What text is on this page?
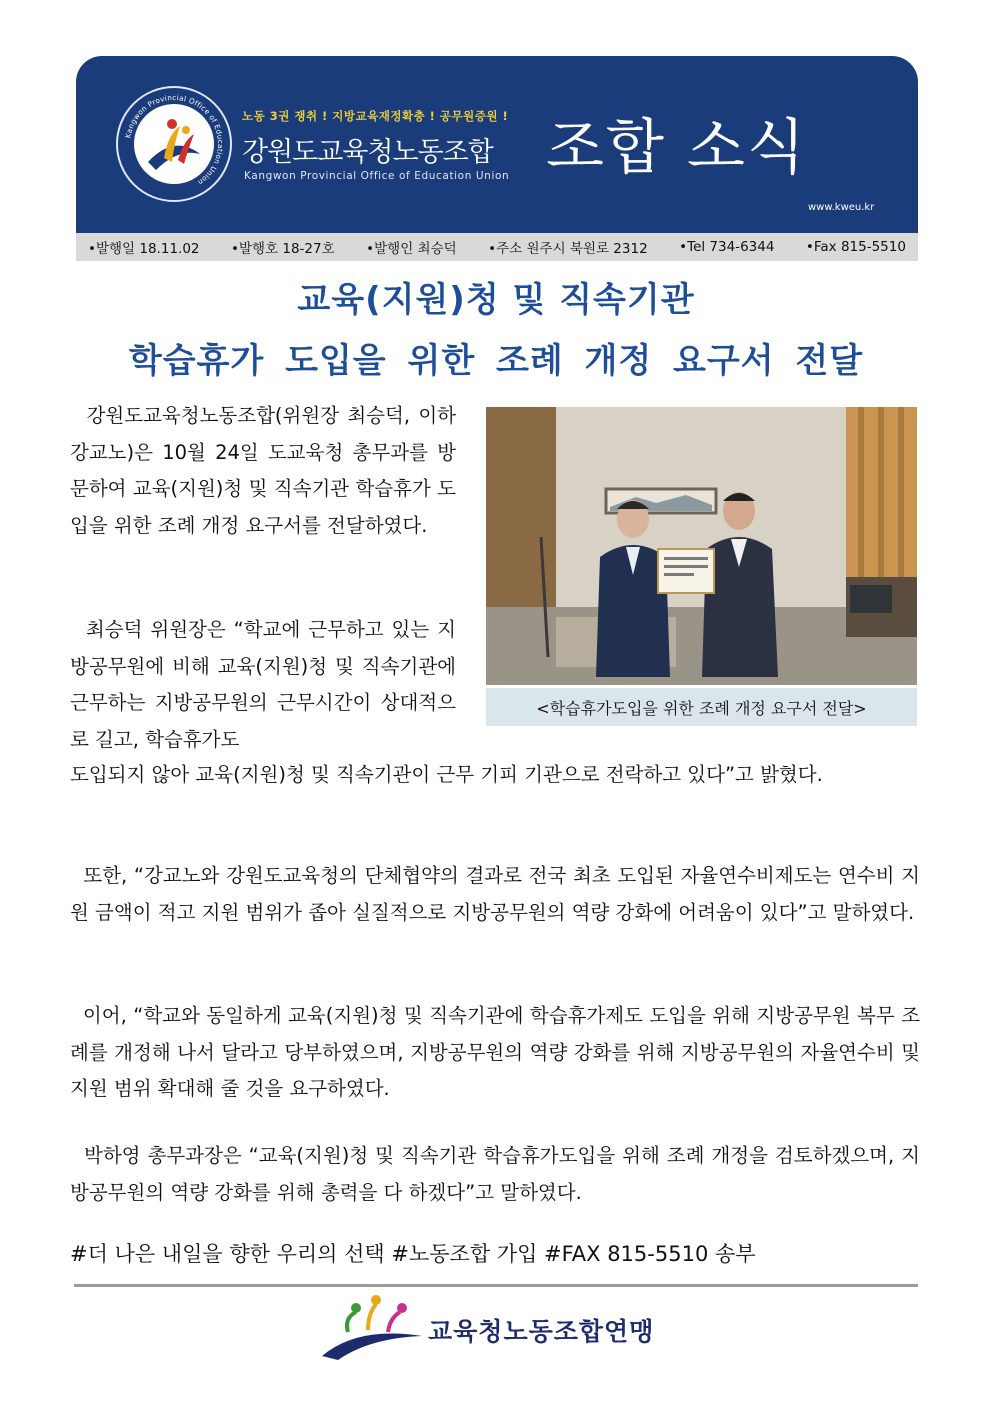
Kangwon Provincial Office of Education Union
노동 3권 쟁취 ! 지방교육재정확충 ! 공무원증원 !
강원도교육청노동조합
Kangwon Provincial Office of Education Union 조합 소식
www.kweu.kr
• 발행일 18.11.02	• 발행호 18-27호	• 발행인 최승덕	• 주소 원주시 북원로 2312	• Tel 734-6344	• Fax 815-5510
교육(지원)청 및 직속기관
학습휴가 도입을 위한 조례 개정 요구서 전달
<학습휴가도입을 위한 조례 개정 요구서 전달>

강원도교육청노동조합(위원장 최승덕, 이하 강교노)은 10월 24일 도교육청 총무과를 방문하여 교육(지원)청 및 직속기관 학습휴가 도입을 위한 조례 개정 요구서를 전달하였다.

최승덕 위원장은 “학교에 근무하고 있는 지방공무원에 비해 교육(지원)청 및 직속기관에 근무하는 지방공무원의 근무시간이 상대적으로 길고, 학습휴가도

도입되지 않아 교육(지원)청 및 직속기관이 근무 기피 기관으로 전락하고 있다”고 밝혔다.

또한, “강교노와 강원도교육청의 단체협약의 결과로 전국 최초 도입된 자율연수비제도는 연수비 지원 금액이 적고 지원 범위가 좁아 실질적으로 지방공무원의 역량 강화에 어려움이 있다”고 말하였다.

이어, “학교와 동일하게 교육(지원)청 및 직속기관에 학습휴가제도 도입을 위해 지방공무원 복무 조례를 개정해 나서 달라고 당부하였으며, 지방공무원의 역량 강화를 위해 지방공무원의 자율연수비 및 지원 범위 확대해 줄 것을 요구하였다.

박하영 총무과장은 “교육(지원)청 및 직속기관 학습휴가도입을 위해 조례 개정을 검토하겠으며, 지방공무원의 역량 강화를 위해 총력을 다 하겠다”고 말하였다.

#더 나은 내일을 향한 우리의 선택 #노동조합 가입 #FAX 815-5510 송부
교육청노동조합연맹
